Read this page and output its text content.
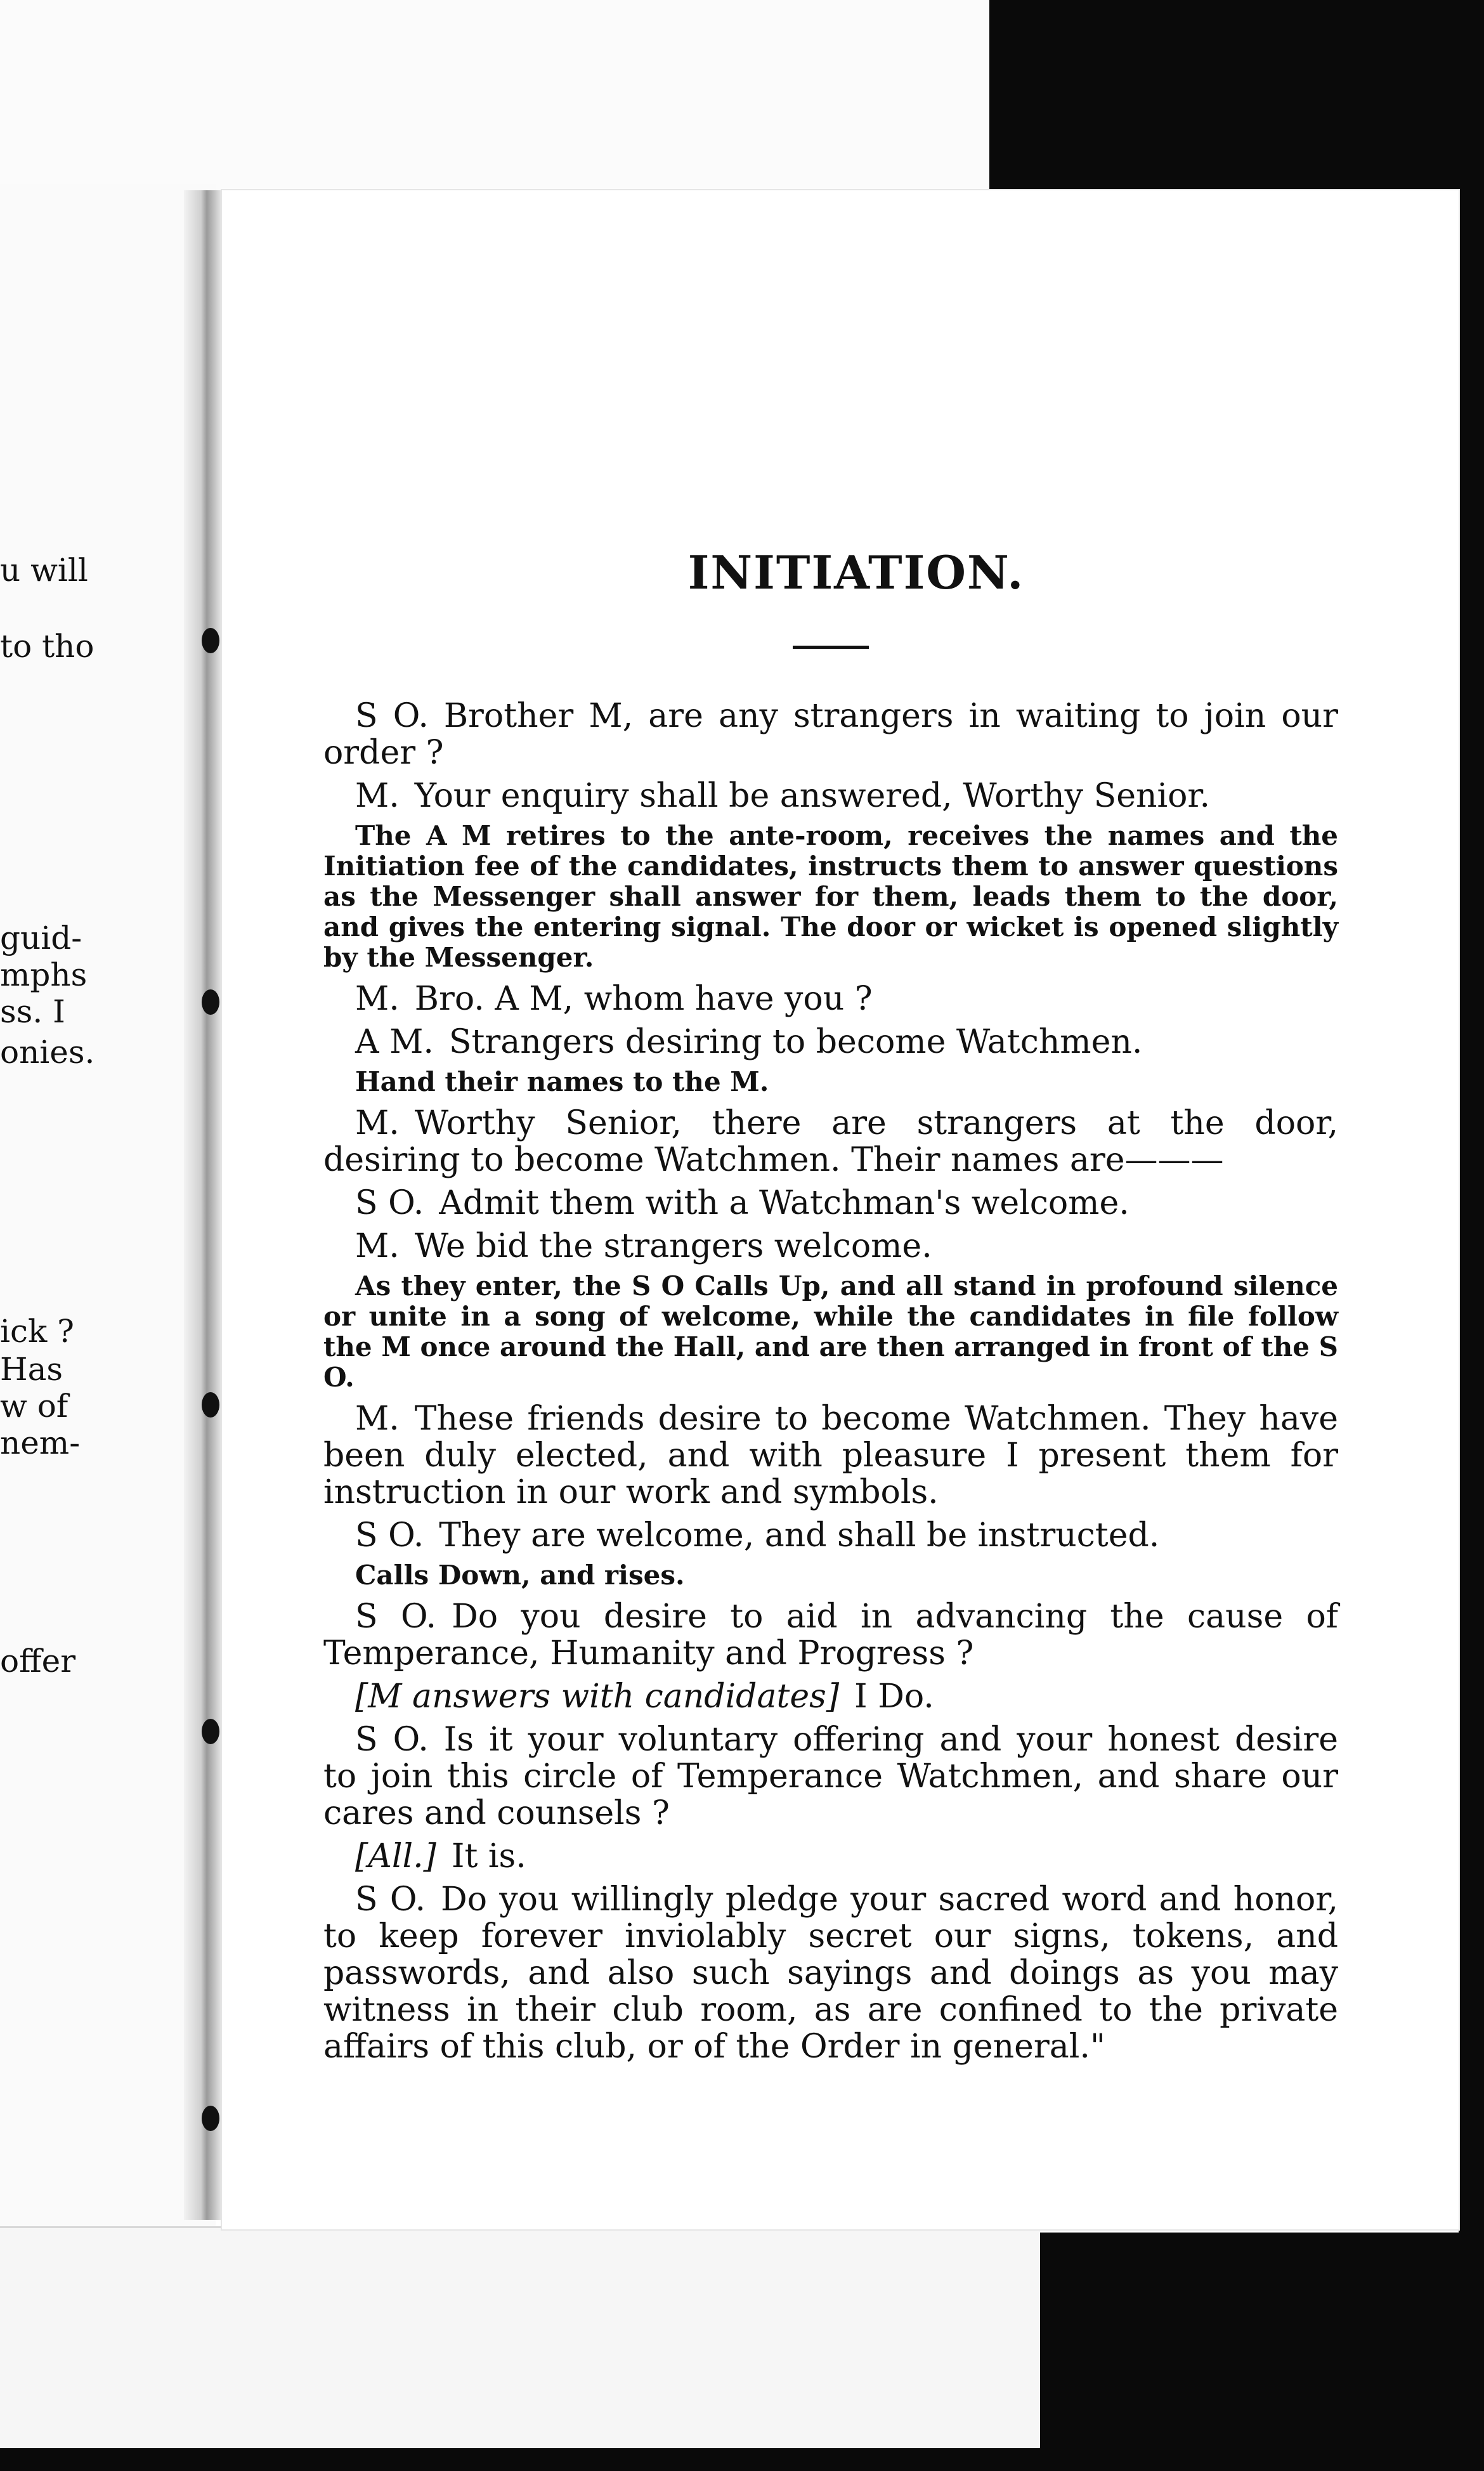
u will
to tho
guid-
mphs
ss. I
onies.
ick ?
Has
w of
nem-
offer
INITIATION.
S O. Brother M, are any strangers in waiting to join our order ?
M. Your enquiry shall be answered, Worthy Senior.
The A M retires to the ante-room, receives the names and the Initiation fee of the candidates, instructs them to answer questions as the Messenger shall answer for them, leads them to the door, and gives the entering signal. The door or wicket is opened slightly by the Messenger.
M. Bro. A M, whom have you ?
A M. Strangers desiring to become Watchmen.
Hand their names to the M.
M. Worthy Senior, there are strangers at the door, desiring to become Watchmen. Their names are———
S O. Admit them with a Watchman's welcome.
M. We bid the strangers welcome.
As they enter, the S O Calls Up, and all stand in profound silence or unite in a song of welcome, while the candidates in file follow the M once around the Hall, and are then arranged in front of the S O.
M. These friends desire to become Watchmen. They have been duly elected, and with pleasure I present them for instruction in our work and symbols.
S O. They are welcome, and shall be instructed.
Calls Down, and rises.
S O. Do you desire to aid in advancing the cause of Temperance, Humanity and Progress ?
[M answers with candidates] I Do.
S O. Is it your voluntary offering and your honest desire to join this circle of Temperance Watchmen, and share our cares and counsels ?
[All.] It is.
S O. Do you willingly pledge your sacred word and honor, to keep forever inviolably secret our signs, tokens, and passwords, and also such sayings and doings as you may witness in their club room, as are confined to the private affairs of this club, or of the Order in general."
